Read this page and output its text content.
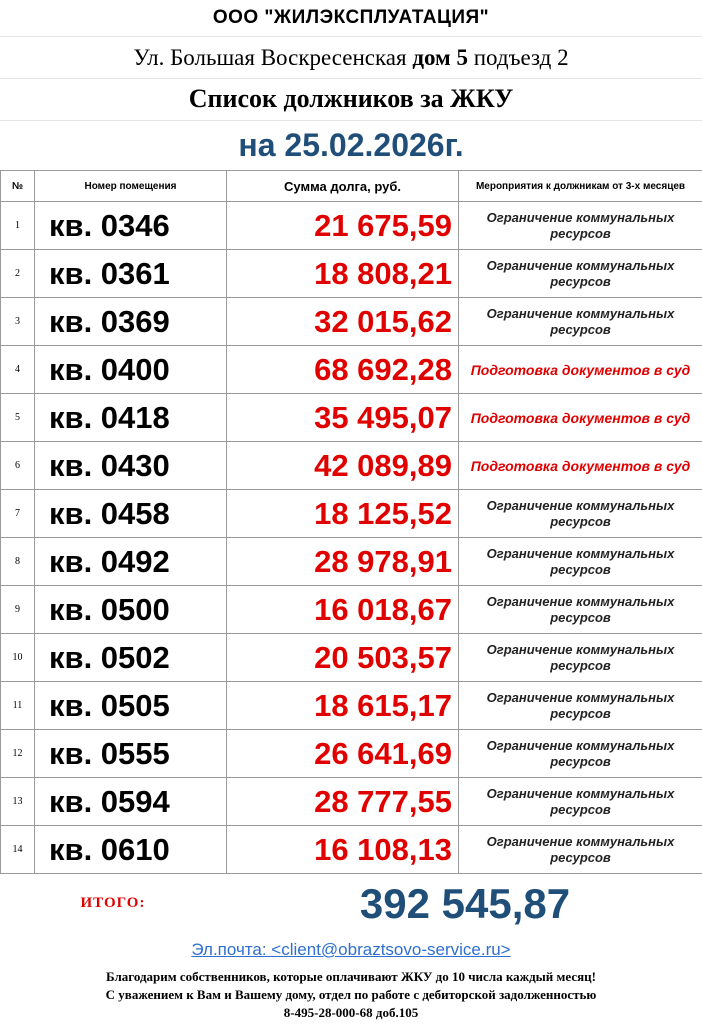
ООО "ЖИЛЭКСПЛУАТАЦИЯ"
Ул. Большая Воскресенская дом 5 подъезд 2
Список должников за ЖКУ
на 25.02.2026г.
№	Номер помещения	Сумма долга, руб.	Мероприятия к должникам от 3-х месяцев
1	кв. 0346	21 675,59	Ограничение коммунальных ресурсов
2	кв. 0361	18 808,21	Ограничение коммунальных ресурсов
3	кв. 0369	32 015,62	Ограничение коммунальных ресурсов
4	кв. 0400	68 692,28	Подготовка документов в суд
5	кв. 0418	35 495,07	Подготовка документов в суд
6	кв. 0430	42 089,89	Подготовка документов в суд
7	кв. 0458	18 125,52	Ограничение коммунальных ресурсов
8	кв. 0492	28 978,91	Ограничение коммунальных ресурсов
9	кв. 0500	16 018,67	Ограничение коммунальных ресурсов
10	кв. 0502	20 503,57	Ограничение коммунальных ресурсов
11	кв. 0505	18 615,17	Ограничение коммунальных ресурсов
12	кв. 0555	26 641,69	Ограничение коммунальных ресурсов
13	кв. 0594	28 777,55	Ограничение коммунальных ресурсов
14	кв. 0610	16 108,13	Ограничение коммунальных ресурсов
ИТОГО:	392 545,87
Эл.почта: <client@obraztsovo-service.ru>
Благодарим собственников, которые оплачивают ЖКУ до 10 числа каждый месяц!
С уважением к Вам и Вашему дому, отдел по работе с дебиторской задолженностью
8-495-28-000-68 доб.105
